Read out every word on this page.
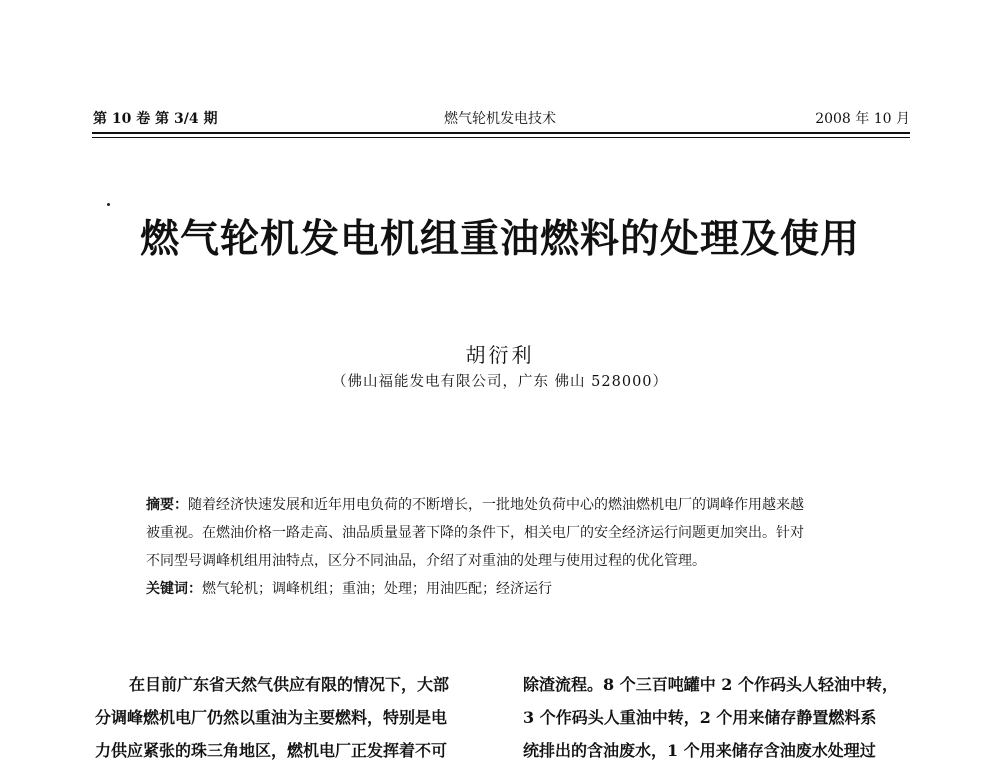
第 10 卷 第 3/4 期	燃气轮机发电技术	2008 年 10 月
燃气轮机发电机组重油燃料的处理及使用
胡衍利
（佛山福能发电有限公司，广东 佛山 528000）
摘要：随着经济快速发展和近年用电负荷的不断增长，一批地处负荷中心的燃油燃机电厂的调峰作用越来越
被重视。在燃油价格一路走高、油品质量显著下降的条件下，相关电厂的安全经济运行问题更加突出。针对
不同型号调峰机组用油特点，区分不同油品，介绍了对重油的处理与使用过程的优化管理。
关键词：燃气轮机；调峰机组；重油；处理；用油匹配；经济运行
在目前广东省天然气供应有限的情况下，大部
分调峰燃机电厂仍然以重油为主要燃料，特别是电
力供应紧张的珠三角地区，燃机电厂正发挥着不可
除渣流程。8 个三百吨罐中 2 个作码头人轻油中转，
3 个作码头人重油中转，2 个用来储存静置燃料系
统排出的含油废水，1 个用来储存含油废水处理过
